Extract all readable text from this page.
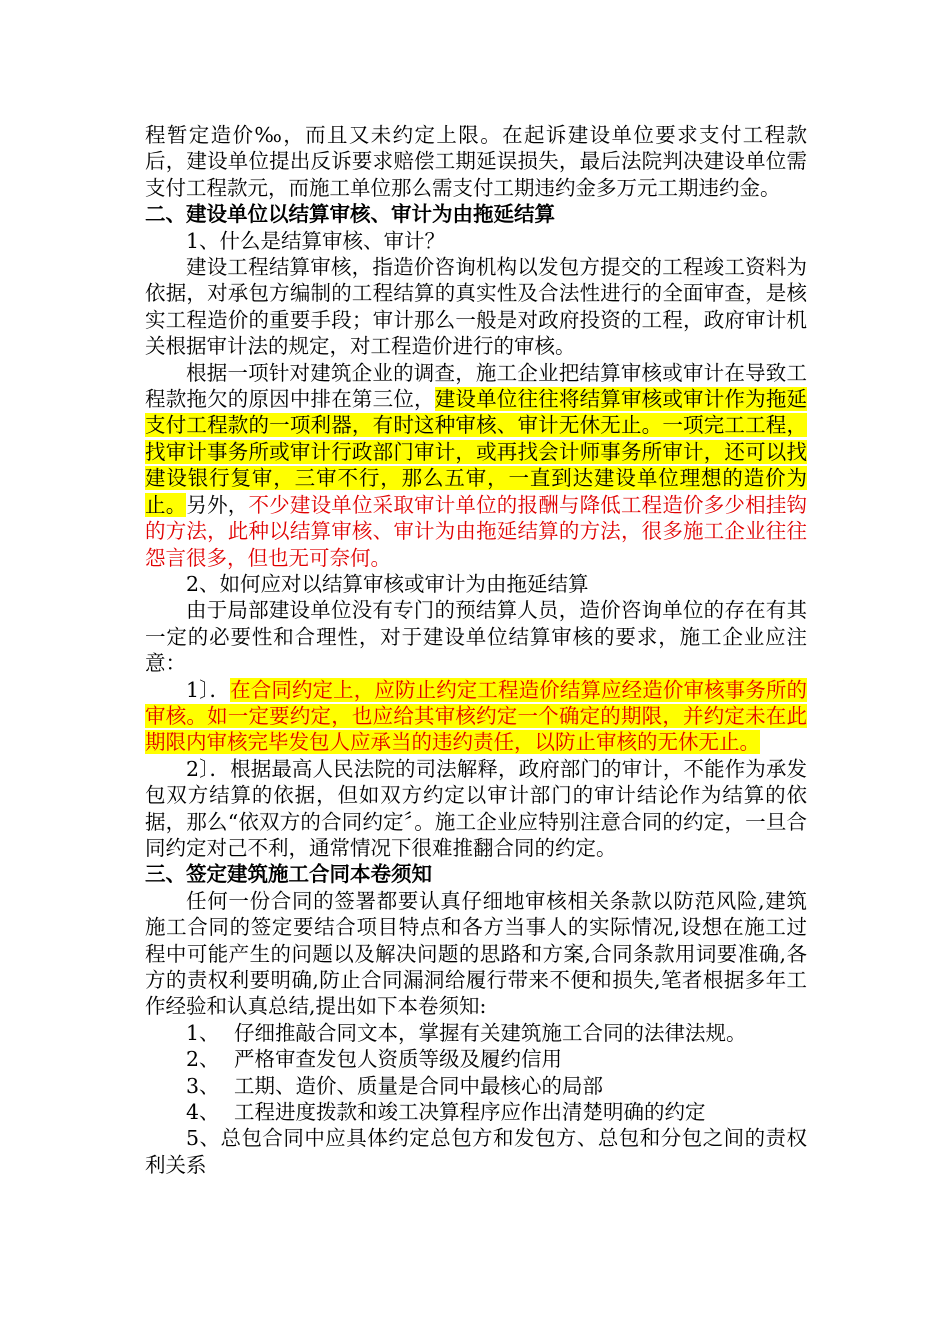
程暂定造价‰，而且又未约定上限。在起诉建设单位要求支付工程款后，建设单位提出反诉要求赔偿工期延误损失，最后法院判决建设单位需支付工程款元，而施工单位那么需支付工期违约金多万元工期违约金。

二、建设单位以结算审核、审计为由拖延结算

1、什么是结算审核、审计？

建设工程结算审核，指造价咨询机构以发包方提交的工程竣工资料为依据，对承包方编制的工程结算的真实性及合法性进行的全面审查，是核实工程造价的重要手段；审计那么一般是对政府投资的工程，政府审计机关根据审计法的规定，对工程造价进行的审核。

根据一项针对建筑企业的调查，施工企业把结算审核或审计在导致工程款拖欠的原因中排在第三位，建设单位往往将结算审核或审计作为拖延支付工程款的一项利器，有时这种审核、审计无休无止。一项完工工程，找审计事务所或审计行政部门审计，或再找会计师事务所审计，还可以找建设银行复审，三审不行，那么五审，一直到达建设单位理想的造价为止。另外，不少建设单位采取审计单位的报酬与降低工程造价多少相挂钩的方法，此种以结算审核、审计为由拖延结算的方法，很多施工企业往往怨言很多，但也无可奈何。

2、如何应对以结算审核或审计为由拖延结算

由于局部建设单位没有专门的预结算人员，造价咨询单位的存在有其一定的必要性和合理性，对于建设单位结算审核的要求，施工企业应注意：

1〕．在合同约定上，应防止约定工程造价结算应经造价审核事务所的审核。如一定要约定，也应给其审核约定一个确定的期限，并约定未在此期限内审核完毕发包人应承当的违约责任，以防止审核的无休无止。

2〕．根据最高人民法院的司法解释，政府部门的审计，不能作为承发包双方结算的依据，但如双方约定以审计部门的审计结论作为结算的依据，那么“依双方的合同约定〞。施工企业应特别注意合同的约定，一旦合同约定对己不利，通常情况下很难推翻合同的约定。

三、签定建筑施工合同本卷须知

任何一份合同的签署都要认真仔细地审核相关条款以防范风险,建筑施工合同的签定要结合项目特点和各方当事人的实际情况,设想在施工过程中可能产生的问题以及解决问题的思路和方案,合同条款用词要准确,各方的责权利要明确,防止合同漏洞给履行带来不便和损失,笔者根据多年工作经验和认真总结,提出如下本卷须知:

1、 仔细推敲合同文本，掌握有关建筑施工合同的法律法规。

2、 严格审查发包人资质等级及履约信用

3、 工期、造价、质量是合同中最核心的局部

4、 工程进度拨款和竣工决算程序应作出清楚明确的约定

5、总包合同中应具体约定总包方和发包方、总包和分包之间的责权利关系
